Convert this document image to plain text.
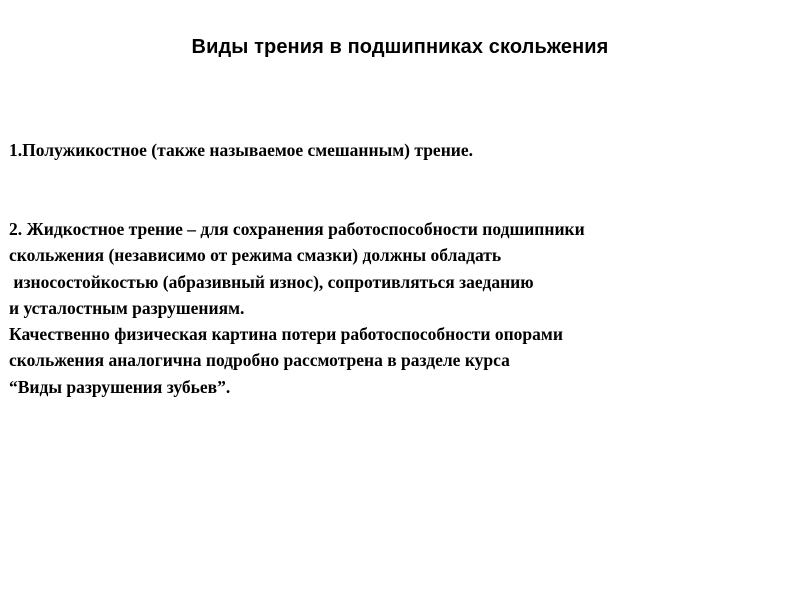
Виды трения в подшипниках скольжения
1.Полужикостное (также называемое смешанным) трение.
2. Жидкостное трение – для сохранения работоспособности подшипники
скольжения (независимо от режима смазки) должны обладать
износостойкостью (абразивный износ), сопротивляться заеданию
и усталостным разрушениям.
Качественно физическая картина потери работоспособности опорами
скольжения аналогична подробно рассмотрена в разделе курса
“Виды разрушения зубьев”.
